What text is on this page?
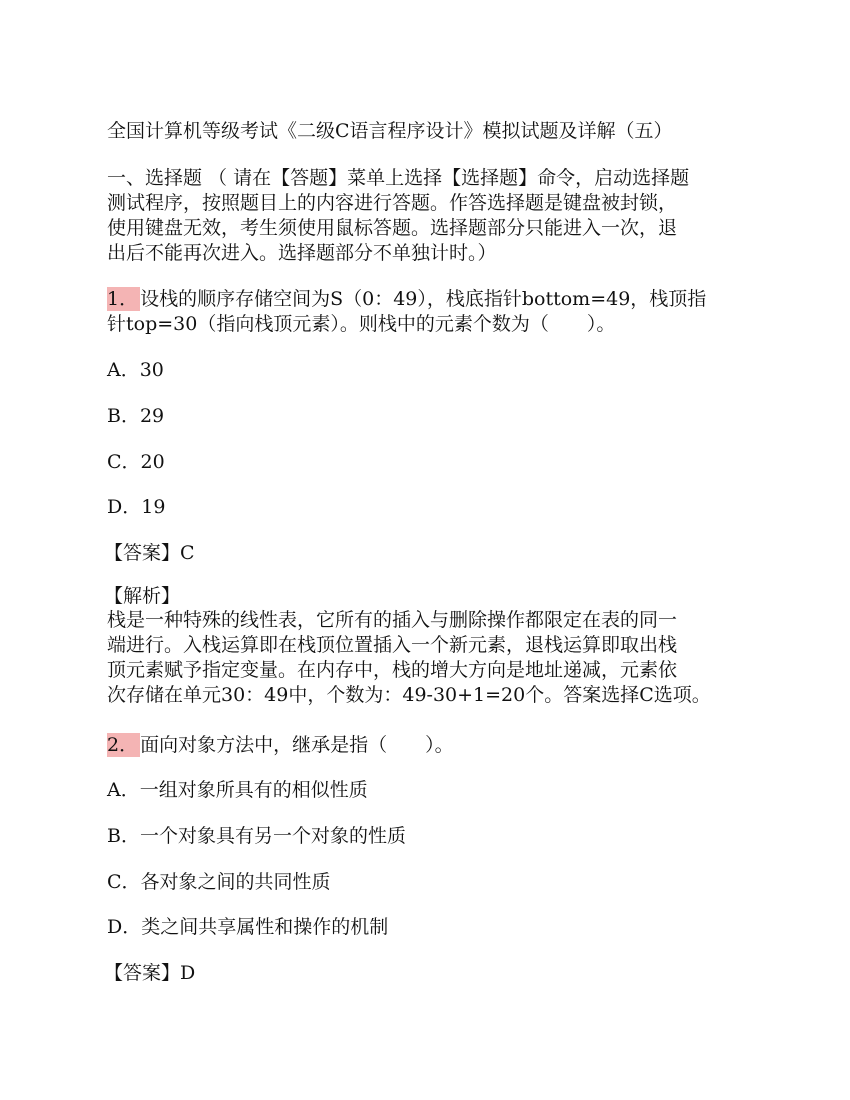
全国计算机等级考试《二级C语言程序设计》模拟试题及详解（五）
一、选择题 （ 请在【答题】菜单上选择【选择题】命令，启动选择题
测试程序，按照题目上的内容进行答题。作答选择题是键盘被封锁，
使用键盘无效，考生须使用鼠标答题。选择题部分只能进入一次，退
出后不能再次进入。选择题部分不单独计时。）
1． 设栈的顺序存储空间为S（0：49），栈底指针bottom=49，栈顶指
针top=30（指向栈顶元素）。则栈中的元素个数为（　　）。
A．30
B．29
C．20
D．19
【答案】C
【解析】
栈是一种特殊的线性表，它所有的插入与删除操作都限定在表的同一
端进行。入栈运算即在栈顶位置插入一个新元素，退栈运算即取出栈
顶元素赋予指定变量。在内存中，栈的增大方向是地址递减，元素依
次存储在单元30：49中，个数为：49-30+1=20个。答案选择C选项。
2． 面向对象方法中，继承是指（　　）。
A．一组对象所具有的相似性质
B．一个对象具有另一个对象的性质
C．各对象之间的共同性质
D．类之间共享属性和操作的机制
【答案】D
